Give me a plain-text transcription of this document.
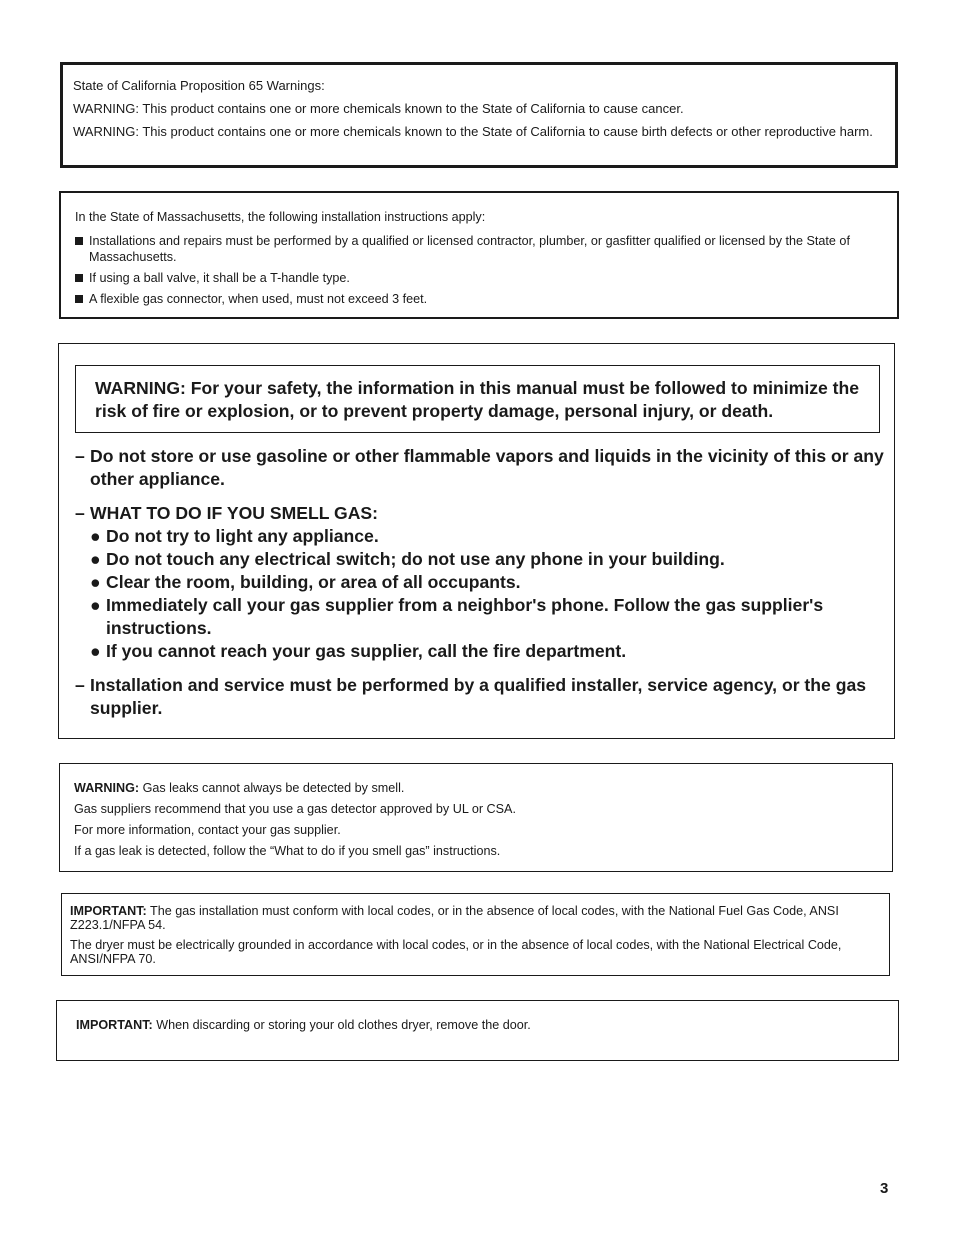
State of California Proposition 65 Warnings:

WARNING: This product contains one or more chemicals known to the State of California to cause cancer.

WARNING: This product contains one or more chemicals known to the State of California to cause birth defects or other reproductive harm.

In the State of Massachusetts, the following installation instructions apply:

Installations and repairs must be performed by a qualified or licensed contractor, plumber, or gasfitter qualified or licensed by the State of Massachusetts.
If using a ball valve, it shall be a T-handle type.
A flexible gas connector, when used, must not exceed 3 feet.
WARNING: For your safety, the information in this manual must be followed to minimize the risk of fire or explosion, or to prevent property damage, personal injury, or death.

– Do not store or use gasoline or other flammable vapors and liquids in the vicinity of this or any other appliance.

– WHAT TO DO IF YOU SMELL GAS:

● Do not try to light any appliance.
● Do not touch any electrical switch; do not use any phone in your building.
● Clear the room, building, or area of all occupants.
● Immediately call your gas supplier from a neighbor's phone. Follow the gas supplier's instructions.
● If you cannot reach your gas supplier, call the fire department.

– Installation and service must be performed by a qualified installer, service agency, or the gas supplier.

WARNING: Gas leaks cannot always be detected by smell.

Gas suppliers recommend that you use a gas detector approved by UL or CSA.

For more information, contact your gas supplier.

If a gas leak is detected, follow the “What to do if you smell gas” instructions.

IMPORTANT: The gas installation must conform with local codes, or in the absence of local codes, with the National Fuel Gas Code, ANSI Z223.1/NFPA 54.

The dryer must be electrically grounded in accordance with local codes, or in the absence of local codes, with the National Electrical Code, ANSI/NFPA 70.

IMPORTANT: When discarding or storing your old clothes dryer, remove the door.

3
